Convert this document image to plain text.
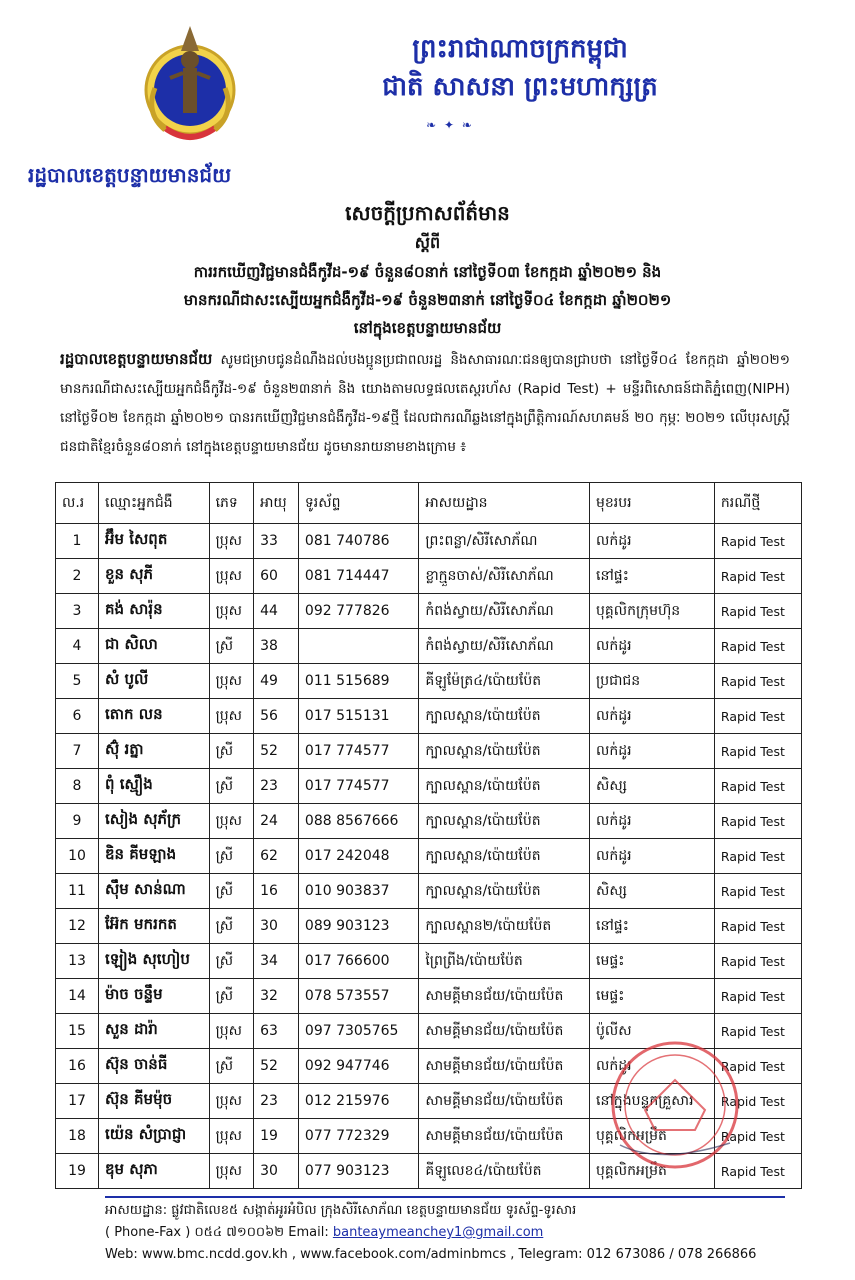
ព្រះរាជាណាចក្រកម្ពុជា
ជាតិ សាសនា ព្រះមហាក្សត្រ
❧ ✦ ❧
រដ្ឋបាលខេត្តបន្ទាយមានជ័យ
សេចក្តីប្រកាសព័ត៌មាន
ស្តីពី
ការរកឃើញវិជ្ជមានជំងឺកូវីដ-១៩ ចំនួន៨០នាក់ នៅថ្ងៃទី០៣ ខែកក្កដា ឆ្នាំ២០២១ និង
មានករណីជាសះស្បើយអ្នកជំងឺកូវីដ-១៩ ចំនួន២៣នាក់ នៅថ្ងៃទី០៤ ខែកក្កដា ឆ្នាំ២០២១
នៅក្នុងខេត្តបន្ទាយមានជ័យ
រដ្ឋបាលខេត្តបន្ទាយមានជ័យ សូមជម្រាបជូនដំណឹងដល់បងប្អូនប្រជាពលរដ្ឋ និងសាធារណៈជនឲ្យបានជ្រាបថា នៅថ្ងៃទី០៤ ខែកក្កដា ឆ្នាំ២០២១ មានករណីជាសះស្បើយអ្នកជំងឺកូវីដ-១៩ ចំនួន២៣នាក់ និង យោងតាមលទ្ធផលតេស្តរហ័ស (Rapid Test) + មន្ទីរពិសោធន៍ជាតិភ្នំពេញ(NIPH) នៅថ្ងៃទី០២ ខែកក្កដា ឆ្នាំ២០២១ បានរកឃើញវិជ្ជមានជំងឺកូវីដ-១៩ថ្មី ដែលជាករណីឆ្លងនៅក្នុងព្រឹត្តិការណ៍សហគមន៍ ២០ កុម្ភៈ ២០២១ លើបុរសស្ត្រីជនជាតិខ្មែរចំនួន៨០នាក់ នៅក្នុងខេត្តបន្ទាយមានជ័យ ដូចមានរាយនាមខាងក្រោម ៖
ល.រ	ឈ្មោះអ្នកជំងឺ	ភេទ	អាយុ	ទូរស័ព្ទ	អាសយដ្ឋាន	មុខរបរ	ករណីថ្មី
1	អ៊ឹម សៃពុត	ប្រុស	33	081 740786	ព្រះពន្លា/សិរីសោភ័ណ	លក់ដូរ	Rapid Test
2	ខួន សុភី	ប្រុស	60	081 714447	ខ្លាក្មួនចាស់/សិរីសោភ័ណ	នៅផ្ទះ	Rapid Test
3	គង់ សារ៉ុន	ប្រុស	44	092 777826	កំពង់ស្វាយ/សិរីសោភ័ណ	បុគ្គលិកក្រុមហ៊ុន	Rapid Test
4	ជា សិលា	ស្រី	38		កំពង់ស្វាយ/សិរីសោភ័ណ	លក់ដូរ	Rapid Test
5	សំ បូលី	ប្រុស	49	011 515689	គីឡូម៉ែត្រ៤/ប៉ោយប៉ែត	ប្រជាជន	Rapid Test
6	តោក លន	ប្រុស	56	017 515131	ក្បាលស្ពាន/ប៉ោយប៉ែត	លក់ដូរ	Rapid Test
7	ស៊ុំ រត្នា	ស្រី	52	017 774577	ក្បាលស្ពាន/ប៉ោយប៉ែត	លក់ដូរ	Rapid Test
8	ពុំ ស្មឿង	ស្រី	23	017 774577	ក្បាលស្ពាន/ប៉ោយប៉ែត	សិស្ស	Rapid Test
9	សៀង សុភ័ក្រ	ប្រុស	24	088 8567666	ក្បាលស្ពាន/ប៉ោយប៉ែត	លក់ដូរ	Rapid Test
10	ឌិន គីមឡាង	ស្រី	62	017 242048	ក្បាលស្ពាន/ប៉ោយប៉ែត	លក់ដូរ	Rapid Test
11	ស៊ឹម សាន់ណា	ស្រី	16	010 903837	ក្បាលស្ពាន/ប៉ោយប៉ែត	សិស្ស	Rapid Test
12	អ៊ែក មករកត	ស្រី	30	089 903123	ក្បាលស្ពាន២/ប៉ោយប៉ែត	នៅផ្ទះ	Rapid Test
13	ឡៀង សុហៀប	ស្រី	34	017 766600	ព្រៃព្រីង/ប៉ោយប៉ែត	មេផ្ទះ	Rapid Test
14	ម៉ាច ចន្ទឹម	ស្រី	32	078 573557	សាមគ្គីមានជ័យ/ប៉ោយប៉ែត	មេផ្ទះ	Rapid Test
15	សួន ដារ៉ា	ប្រុស	63	097 7305765	សាមគ្គីមានជ័យ/ប៉ោយប៉ែត	ប៉ូលីស	Rapid Test
16	ស៊ុន ចាន់ធី	ស្រី	52	092 947746	សាមគ្គីមានជ័យ/ប៉ោយប៉ែត	លក់ដូរ	Rapid Test
17	ស៊ុន គីមម៉ុច	ប្រុស	23	012 215976	សាមគ្គីមានជ័យ/ប៉ោយប៉ែត	នៅក្នុងបន្ទុកគ្រួសារ	Rapid Test
18	យ៉េន សំប្រាជ្ញា	ប្រុស	19	077 772329	សាមគ្គីមានជ័យ/ប៉ោយប៉ែត	បុគ្គលិកអម្រឹត	Rapid Test
19	ឌុម សុភា	ប្រុស	30	077 903123	គីឡូលេខ៤/ប៉ោយប៉ែត	បុគ្គលិកអម្រឹត	Rapid Test
អាសយដ្ឋាន: ផ្លូវជាតិលេខ៥ សង្កាត់អូរអំបិល ក្រុងសិរីសោភ័ណ ខេត្តបន្ទាយមានជ័យ ទូរស័ព្ទ-ទូរសារ
( Phone-Fax ) ០៥៤ ៧១០០៦២ Email: banteaymeanchey1@gmail.com
Web: www.bmc.ncdd.gov.kh , www.facebook.com/adminbmcs , Telegram: 012 673086 / 078 266866
